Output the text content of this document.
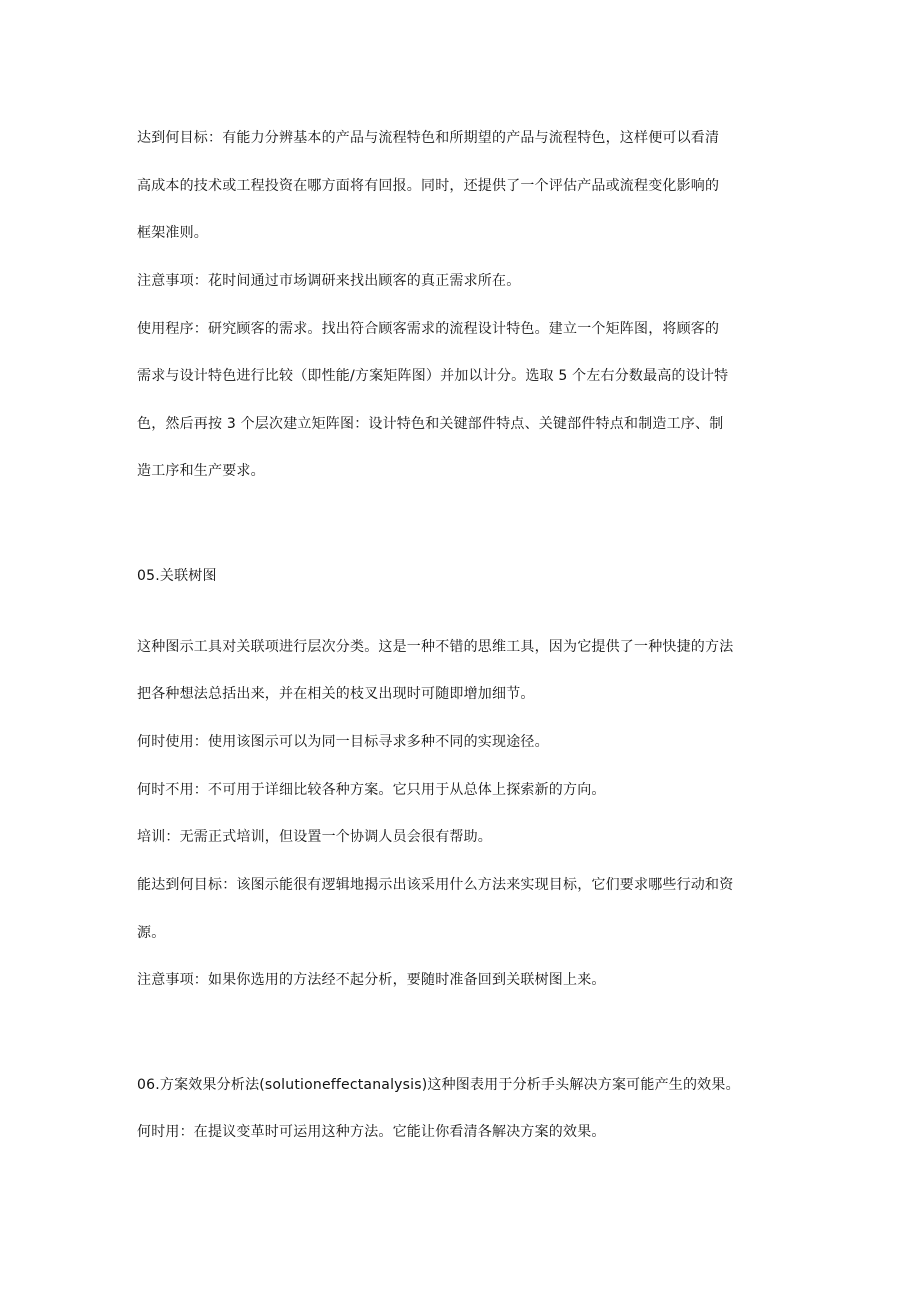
达到何目标：有能力分辨基本的产品与流程特色和所期望的产品与流程特色，这样便可以看清
高成本的技术或工程投资在哪方面将有回报。同时，还提供了一个评估产品或流程变化影响的
框架准则。
注意事项：花时间通过市场调研来找出顾客的真正需求所在。
使用程序：研究顾客的需求。找出符合顾客需求的流程设计特色。建立一个矩阵图，将顾客的
需求与设计特色进行比较（即性能/方案矩阵图）并加以计分。选取 5 个左右分数最高的设计特
色，然后再按 3 个层次建立矩阵图：设计特色和关键部件特点、关键部件特点和制造工序、制
造工序和生产要求。
05.关联树图
这种图示工具对关联项进行层次分类。这是一种不错的思维工具，因为它提供了一种快捷的方法
把各种想法总括出来，并在相关的枝叉出现时可随即增加细节。
何时使用：使用该图示可以为同一目标寻求多种不同的实现途径。
何时不用：不可用于详细比较各种方案。它只用于从总体上探索新的方向。
培训：无需正式培训，但设置一个协调人员会很有帮助。
能达到何目标：该图示能很有逻辑地揭示出该采用什么方法来实现目标，它们要求哪些行动和资
源。
注意事项：如果你选用的方法经不起分析，要随时准备回到关联树图上来。
06.方案效果分析法(solutioneffectanalysis)这种图表用于分析手头解决方案可能产生的效果。
何时用：在提议变革时可运用这种方法。它能让你看清各解决方案的效果。
